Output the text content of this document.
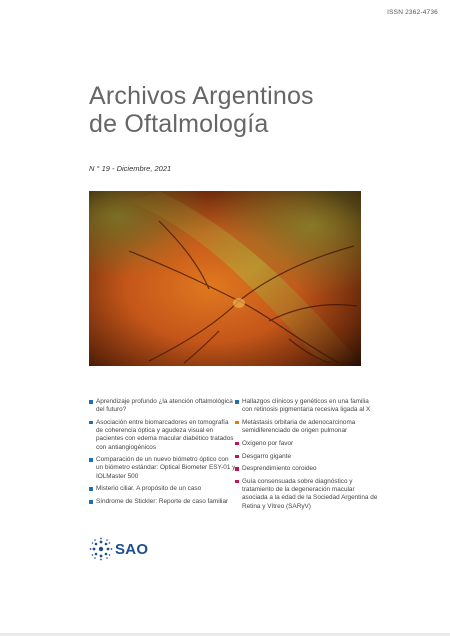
ISSN 2362-4736
Archivos Argentinos
de Oftalmología
N ° 19 - Diciembre, 2021
Aprendizaje profundo ¿la atención oftalmológica del futuro?
Asociación entre biomarcadores en tomografía de coherencia óptica y agudeza visual en pacientes con edema macular diabético tratados con antiangiogénicos
Comparación de un nuevo biómetro óptico con un biómetro estándar: Optical Biometer ESY-01 y IOLMaster 500
Misterio ciliar. A propósito de un caso
Síndrome de Stickler: Reporte de caso familiar
Hallazgos clínicos y genéticos en una familia con retinosis pigmentaria recesiva ligada al X
Metástasis orbitaria de adenocarcinoma semidiferenciado de origen pulmonar
Oxígeno por favor
Desgarro gigante
Desprendimiento coroideo
Guía consensuada sobre diagnóstico y tratamiento de la degeneración macular asociada a la edad de la Sociedad Argentina de Retina y Vítreo (SARyV)
SAO
